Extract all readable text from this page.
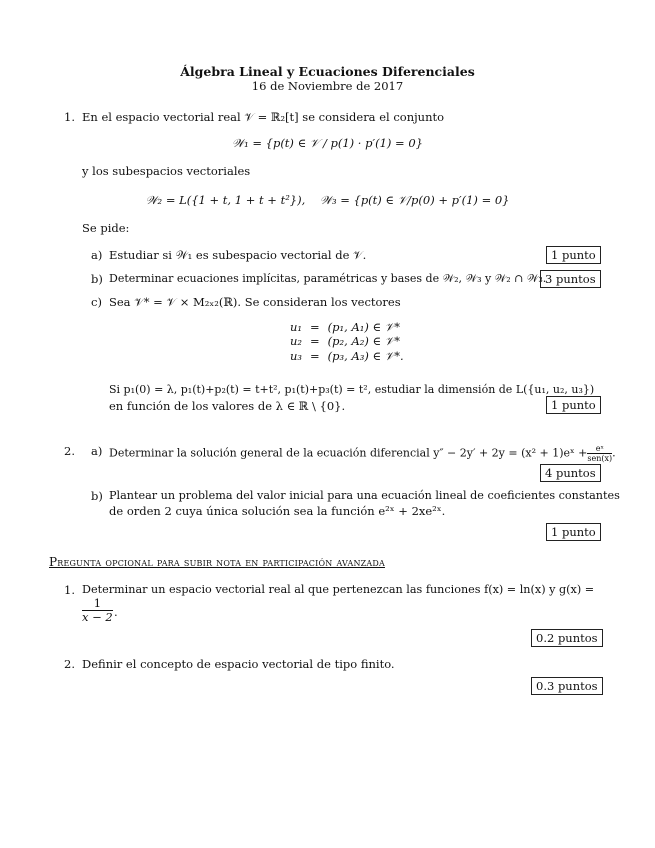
Álgebra Lineal y Ecuaciones Diferenciales
16 de Noviembre de 2017
1. En el espacio vectorial real 𝒱 = ℝ₂[t] se considera el conjunto
𝒲₁ = {p(t) ∈ 𝒱 / p(1) · p′(1) = 0}
y los subespacios vectoriales
𝒲₂ = L({1 + t, 1 + t + t²}),    𝒲₃ = {p(t) ∈ 𝒱/p(0) + p′(1) = 0}
Se pide:
a) Estudiar si 𝒲₁ es subespacio vectorial de 𝒱.	1 punto
b) Determinar ecuaciones implícitas, paramétricas y bases de 𝒲₂, 𝒲₃ y 𝒲₂ ∩ 𝒲₃.
3 puntos
c) Sea 𝒱* = 𝒱 × M₂ₓ₂(ℝ). Se consideran los vectores
u₁	=	(p₁, A₁) ∈ 𝒱*
u₂	=	(p₂, A₂) ∈ 𝒱*
u₃	=	(p₃, A₃) ∈ 𝒱*.
Si p₁(0) = λ, p₁(t)+p₂(t) = t+t², p₁(t)+p₃(t) = t², estudiar la dimensión de L({u₁, u₂, u₃})
en función de los valores de λ ∈ ℝ \ {0}.	1 punto
2. a) Determinar la solución general de la ecuación diferencial y″ − 2y′ + 2y = (x² + 1)eˣ + $\frac{\text{eˣ}}{\text{sen(x)}}$ .
4 puntos
b) Plantear un problema del valor inicial para una ecuación lineal de coeficientes constantes
de orden 2 cuya única solución sea la función e²ˣ + 2xe²ˣ.
1 punto
Pregunta opcional para subir nota en participación avanzada
1. Determinar un espacio vectorial real al que pertenezcan las funciones f(x) = ln(x) y g(x) =
$\frac{1}{x - 2}$ .
0.2 puntos
2. Definir el concepto de espacio vectorial de tipo finito.
0.3 puntos
